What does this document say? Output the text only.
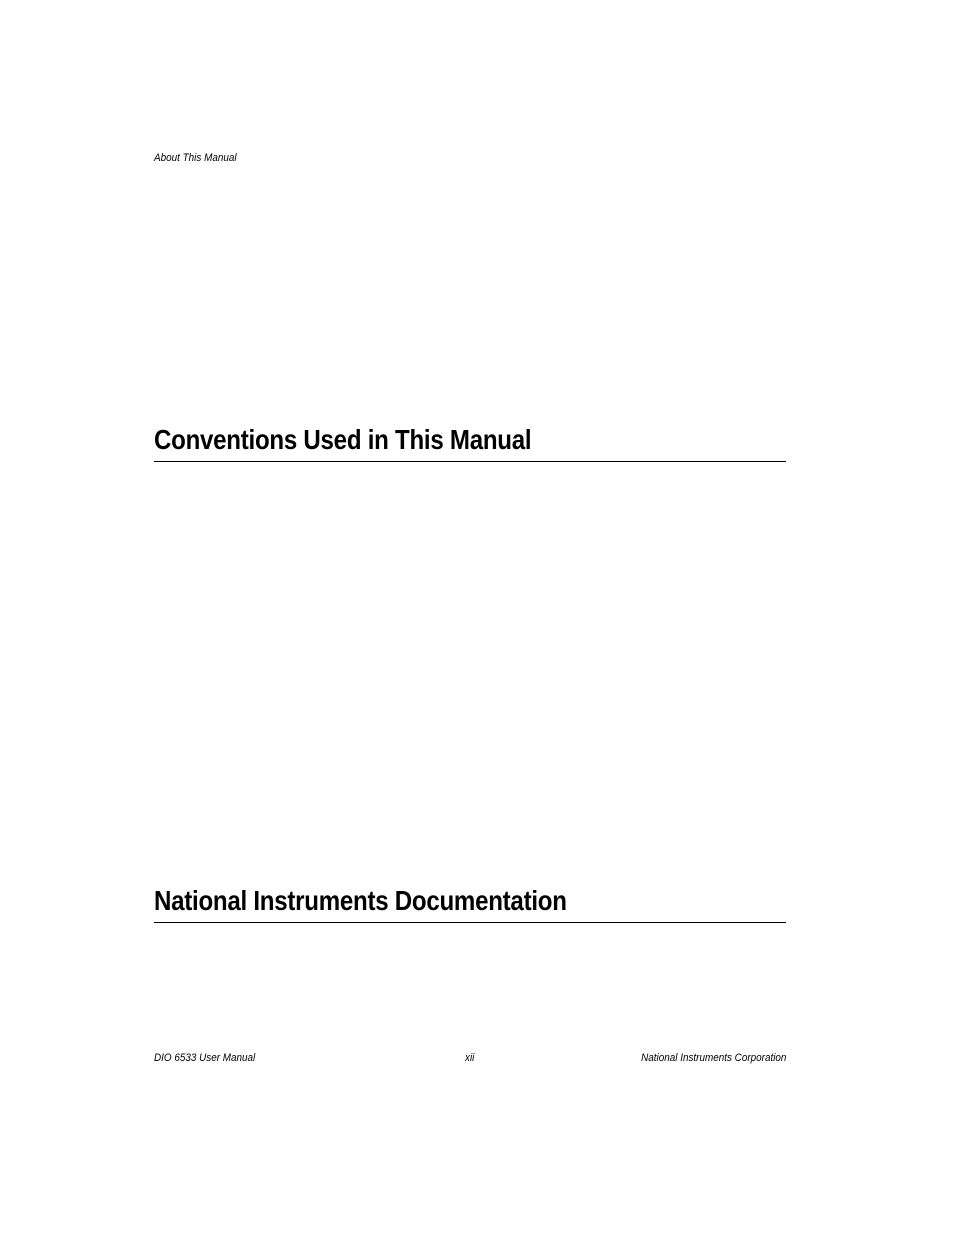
About This Manual
Conventions Used in This Manual
National Instruments Documentation
DIO 6533 User Manual	xii	National Instruments Corporation
